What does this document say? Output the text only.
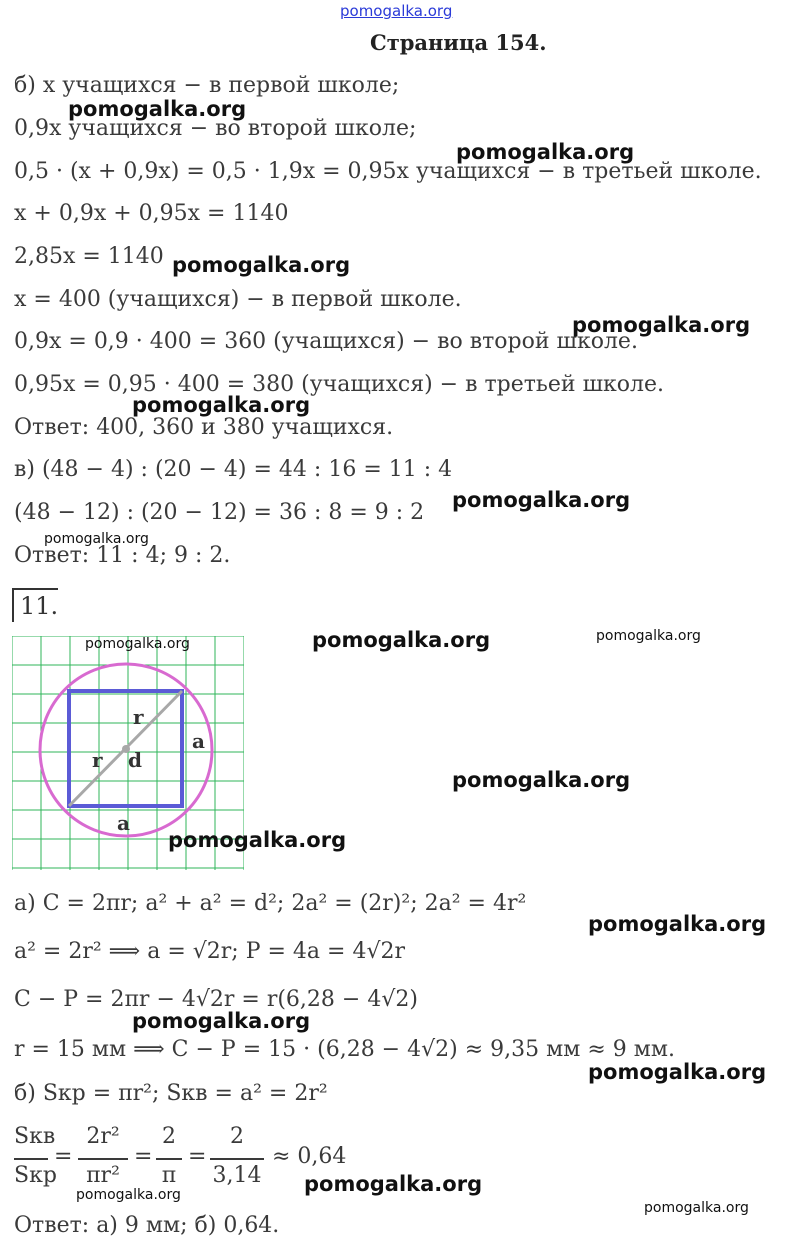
pomogalka.org
Страница 154.
б) x учащихся − в первой школе;
0,9x учащихся − во второй школе;
0,5 · (x + 0,9x) = 0,5 · 1,9x = 0,95x учащихся − в третьей школе.
x + 0,9x + 0,95x = 1140
2,85x = 1140
x = 400 (учащихся) − в первой школе.
0,9x = 0,9 · 400 = 360 (учащихся) − во второй школе.
0,95x = 0,95 · 400 = 380 (учащихся) − в третьей школе.
Ответ: 400, 360 и 380 учащихся.
в) (48 − 4) : (20 − 4) = 44 : 16 = 11 : 4
(48 − 12) : (20 − 12) = 36 : 8 = 9 : 2
Ответ: 11 : 4; 9 : 2.
11.
r
r d
a
a
а) C = 2πr; a² + a² = d²; 2a² = (2r)²; 2a² = 4r²
a² = 2r² ⟹ a = √2r; P = 4a = 4√2r
C − P = 2πr − 4√2r = r(6,28 − 4√2)
r = 15 мм ⟹ C − P = 15 · (6,28 − 4√2) ≈ 9,35 мм ≈ 9 мм.
б) Sкр = πr²; Sкв = a² = 2r²
Sкв
Sкр
=
2r²
πr²
=
2
π
=
2
3,14
≈ 0,64
Ответ: а) 9 мм; б) 0,64.
pomogalka.org
pomogalka.org
pomogalka.org
pomogalka.org
pomogalka.org
pomogalka.org
pomogalka.org
pomogalka.org	pomogalka.org	pomogalka.org
pomogalka.org
pomogalka.org
pomogalka.org
pomogalka.org
pomogalka.org
pomogalka.org
pomogalka.org
pomogalka.org
